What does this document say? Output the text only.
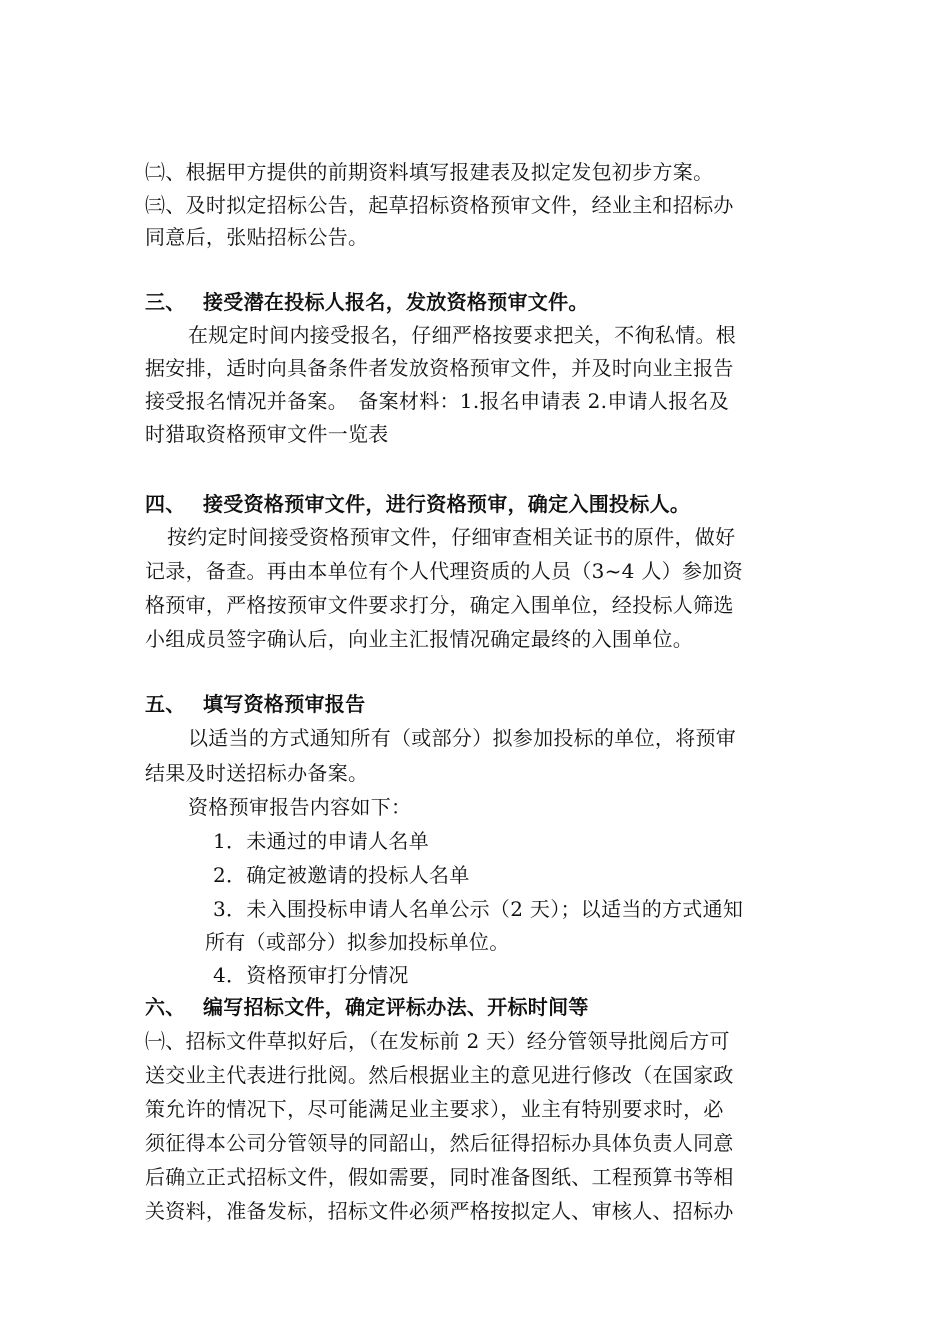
㈡、根据甲方提供的前期资料填写报建表及拟定发包初步方案。
㈢、及时拟定招标公告，起草招标资格预审文件，经业主和招标办
同意后，张贴招标公告。
三、 接受潜在投标人报名，发放资格预审文件。
在规定时间内接受报名，仔细严格按要求把关，不徇私情。根
据安排，适时向具备条件者发放资格预审文件，并及时向业主报告
接受报名情况并备案。　备案材料：1.报名申请表 2.申请人报名及
时猎取资格预审文件一览表
四、 接受资格预审文件，进行资格预审，确定入围投标人。
按约定时间接受资格预审文件，仔细审查相关证书的原件，做好
记录，备查。再由本单位有个人代理资质的人员（3~4 人）参加资
格预审，严格按预审文件要求打分，确定入围单位，经投标人筛选
小组成员签字确认后，向业主汇报情况确定最终的入围单位。
五、 填写资格预审报告
以适当的方式通知所有（或部分）拟参加投标的单位，将预审
结果及时送招标办备案。
资格预审报告内容如下：
1．未通过的申请人名单
2．确定被邀请的投标人名单
3．未入围投标申请人名单公示（2 天）；以适当的方式通知
所有（或部分）拟参加投标单位。
4．资格预审打分情况
六、 编写招标文件，确定评标办法、开标时间等
㈠、招标文件草拟好后，（在发标前 2 天）经分管领导批阅后方可
送交业主代表进行批阅。然后根据业主的意见进行修改（在国家政
策允许的情况下，尽可能满足业主要求），业主有特别要求时，必
须征得本公司分管领导的同韶山，然后征得招标办具体负责人同意
后确立正式招标文件，假如需要，同时准备图纸、工程预算书等相
关资料，准备发标，招标文件必须严格按拟定人、审核人、招标办
